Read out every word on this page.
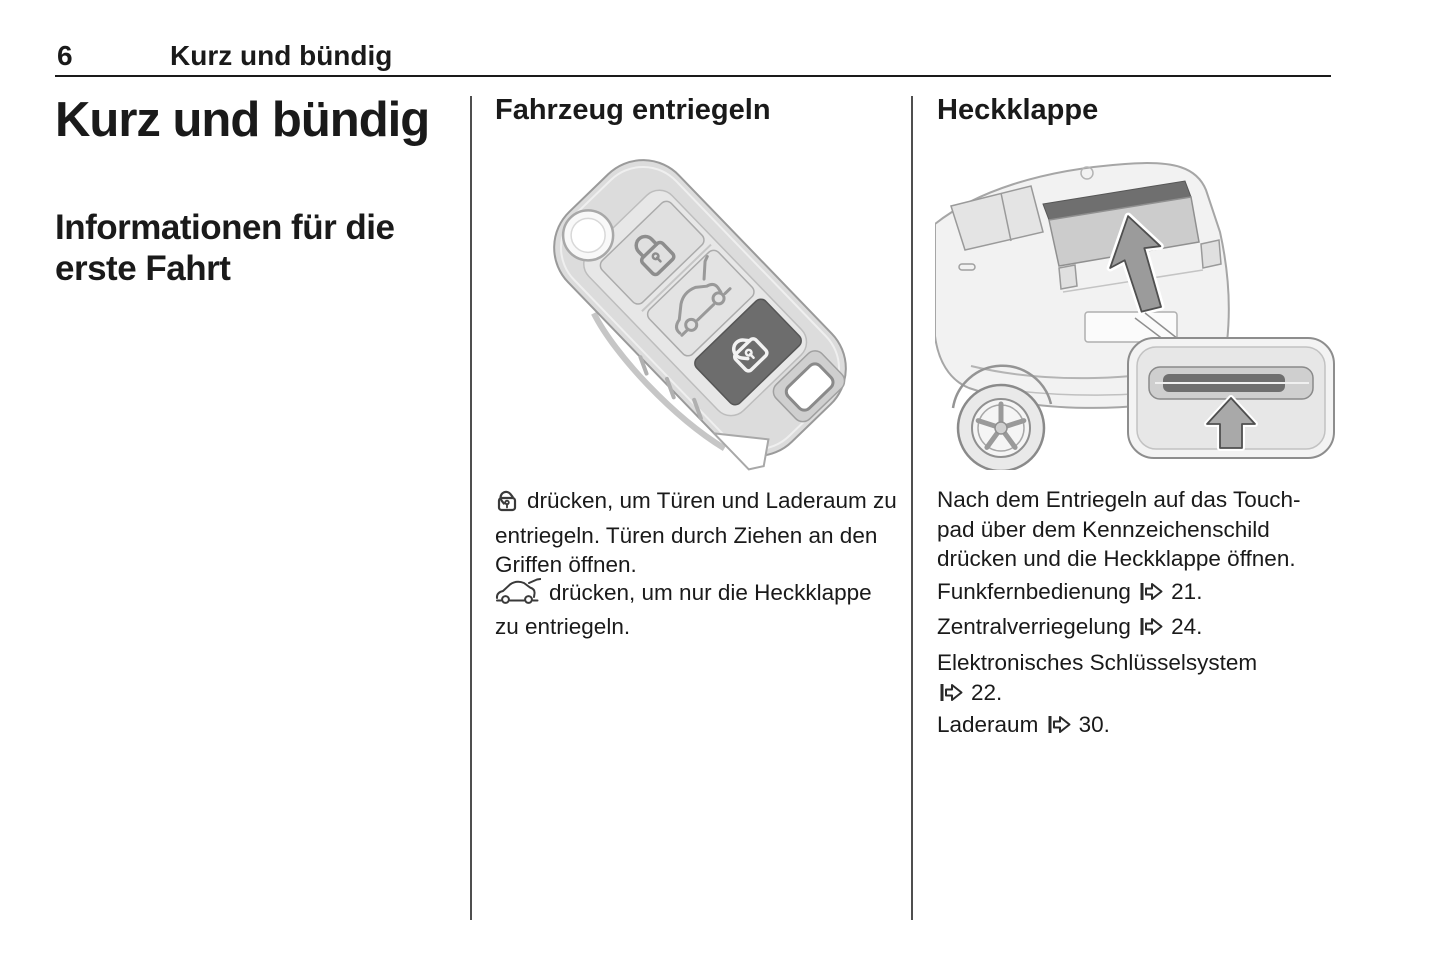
6	Kurz und bündig
Kurz und bündig
Informationen für die
erste Fahrt
Fahrzeug entriegeln

drücken, um Türen und Laderaum zu entriegeln. Türen durch Ziehen an den Griffen öffnen.

drücken, um nur die Heckklappe zu entriegeln.

Heckklappe

Nach dem Entriegeln auf das Touch-
pad über dem Kennzeichenschild
drücken und die Heckklappe öffnen.

Funkfernbedienung 21.

Zentralverriegelung 24.

Elektronisches Schlüsselsystem 22.

Laderaum 30.
